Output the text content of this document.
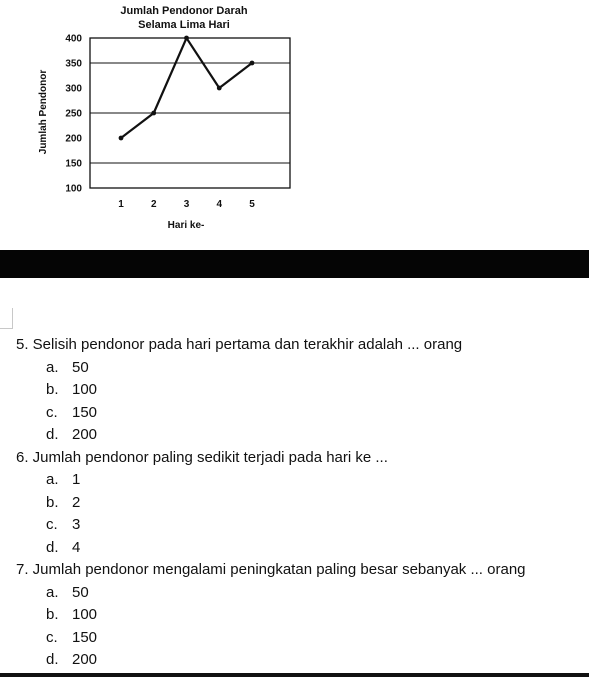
Jumlah Pendonor Darah
Selama Lima Hari
100
150
200
250
300
350
400
1	2	3	4	5
Hari ke-
Jumlah Pendonor
5. Selisih pendonor pada hari pertama dan terakhir adalah ... orang
a. 50
b. 100
c. 150
d. 200
6. Jumlah pendonor paling sedikit terjadi pada hari ke ...
a. 1
b. 2
c. 3
d. 4
7. Jumlah pendonor mengalami peningkatan paling besar sebanyak ... orang
a. 50
b. 100
c. 150
d. 200
